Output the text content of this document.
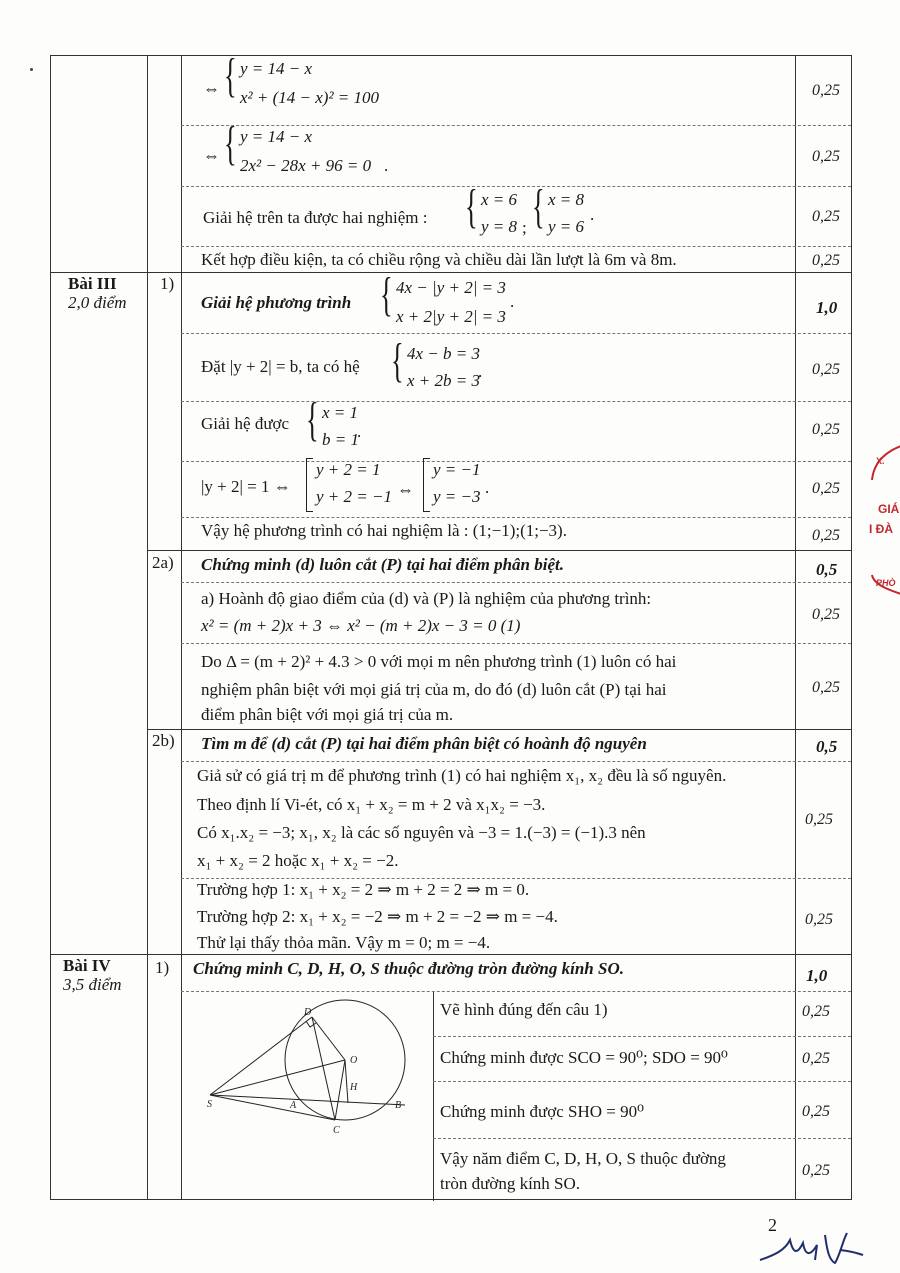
⇔ { y = 14 − x
x² + (14 − x)² = 100	0,25
⇔ { y = 14 − x
2x² − 28x + 96 = 0 .	0,25
Giải hệ trên ta được hai nghiệm : { x = 6
y = 8 ; { x = 8
y = 6
.	0,25
Kết hợp điều kiện, ta có chiều rộng và chiều dài lần lượt là 6m và 8m.	0,25
Bài III
2,0 điểm
1)
Giải hệ phương trình { 4x − |y + 2| = 3
x + 2|y + 2| = 3
.	1,0
Đặt |y + 2| = b, ta có hệ { 4x − b = 3
x + 2b = 3
.	0,25
Giải hệ được { x = 1
b = 1
.	0,25
|y + 2| = 1 ⇔
y + 2 = 1
y + 2 = −1 ⇔
y = −1
y = −3 .	0,25
Vậy hệ phương trình có hai nghiệm là : (1;−1);(1;−3).	0,25
2a) Chứng minh (d) luôn cắt (P) tại hai điểm phân biệt.	0,5
a) Hoành độ giao điểm của (d) và (P) là nghiệm của phương trình:
x² = (m + 2)x + 3 ⇔ x² − (m + 2)x − 3 = 0 (1)
0,25
Do Δ = (m + 2)² + 4.3 > 0 với mọi m nên phương trình (1) luôn có hai
nghiệm phân biệt với mọi giá trị của m, do đó (d) luôn cắt (P) tại hai
điểm phân biệt với mọi giá trị của m.
0,25
2b) Tìm m để (d) cắt (P) tại hai điểm phân biệt có hoành độ nguyên	0,5
Giả sử có giá trị m để phương trình (1) có hai nghiệm x₁, x₂ đều là số nguyên.
Theo định lí Vi-ét, có x₁ + x₂ = m + 2 và x₁x₂ = −3.
Có x₁.x₂ = −3; x₁, x₂ là các số nguyên và −3 = 1.(−3) = (−1).3 nên
x₁ + x₂ = 2 hoặc x₁ + x₂ = −2.
0,25
Trường hợp 1: x₁ + x₂ = 2 ⇒ m + 2 = 2 ⇒ m = 0.
Trường hợp 2: x₁ + x₂ = −2 ⇒ m + 2 = −2 ⇒ m = −4.
Thử lại thấy thỏa mãn. Vậy m = 0; m = −4.
0,25
Bài IV
3,5 điểm
1) Chứng minh C, D, H, O, S thuộc đường tròn đường kính SO.	1,0
D
O
H
S	A	B
C
Vẽ hình đúng đến câu 1)	0,25
Chứng minh được SCO = 90⁰; SDO = 90⁰	0,25
Chứng minh được SHO = 90⁰	0,25
Vậy năm điểm C, D, H, O, S thuộc đường
tròn đường kính SO.
0,25
2
X.
GIÁ
I ĐÀ
PHÒ
